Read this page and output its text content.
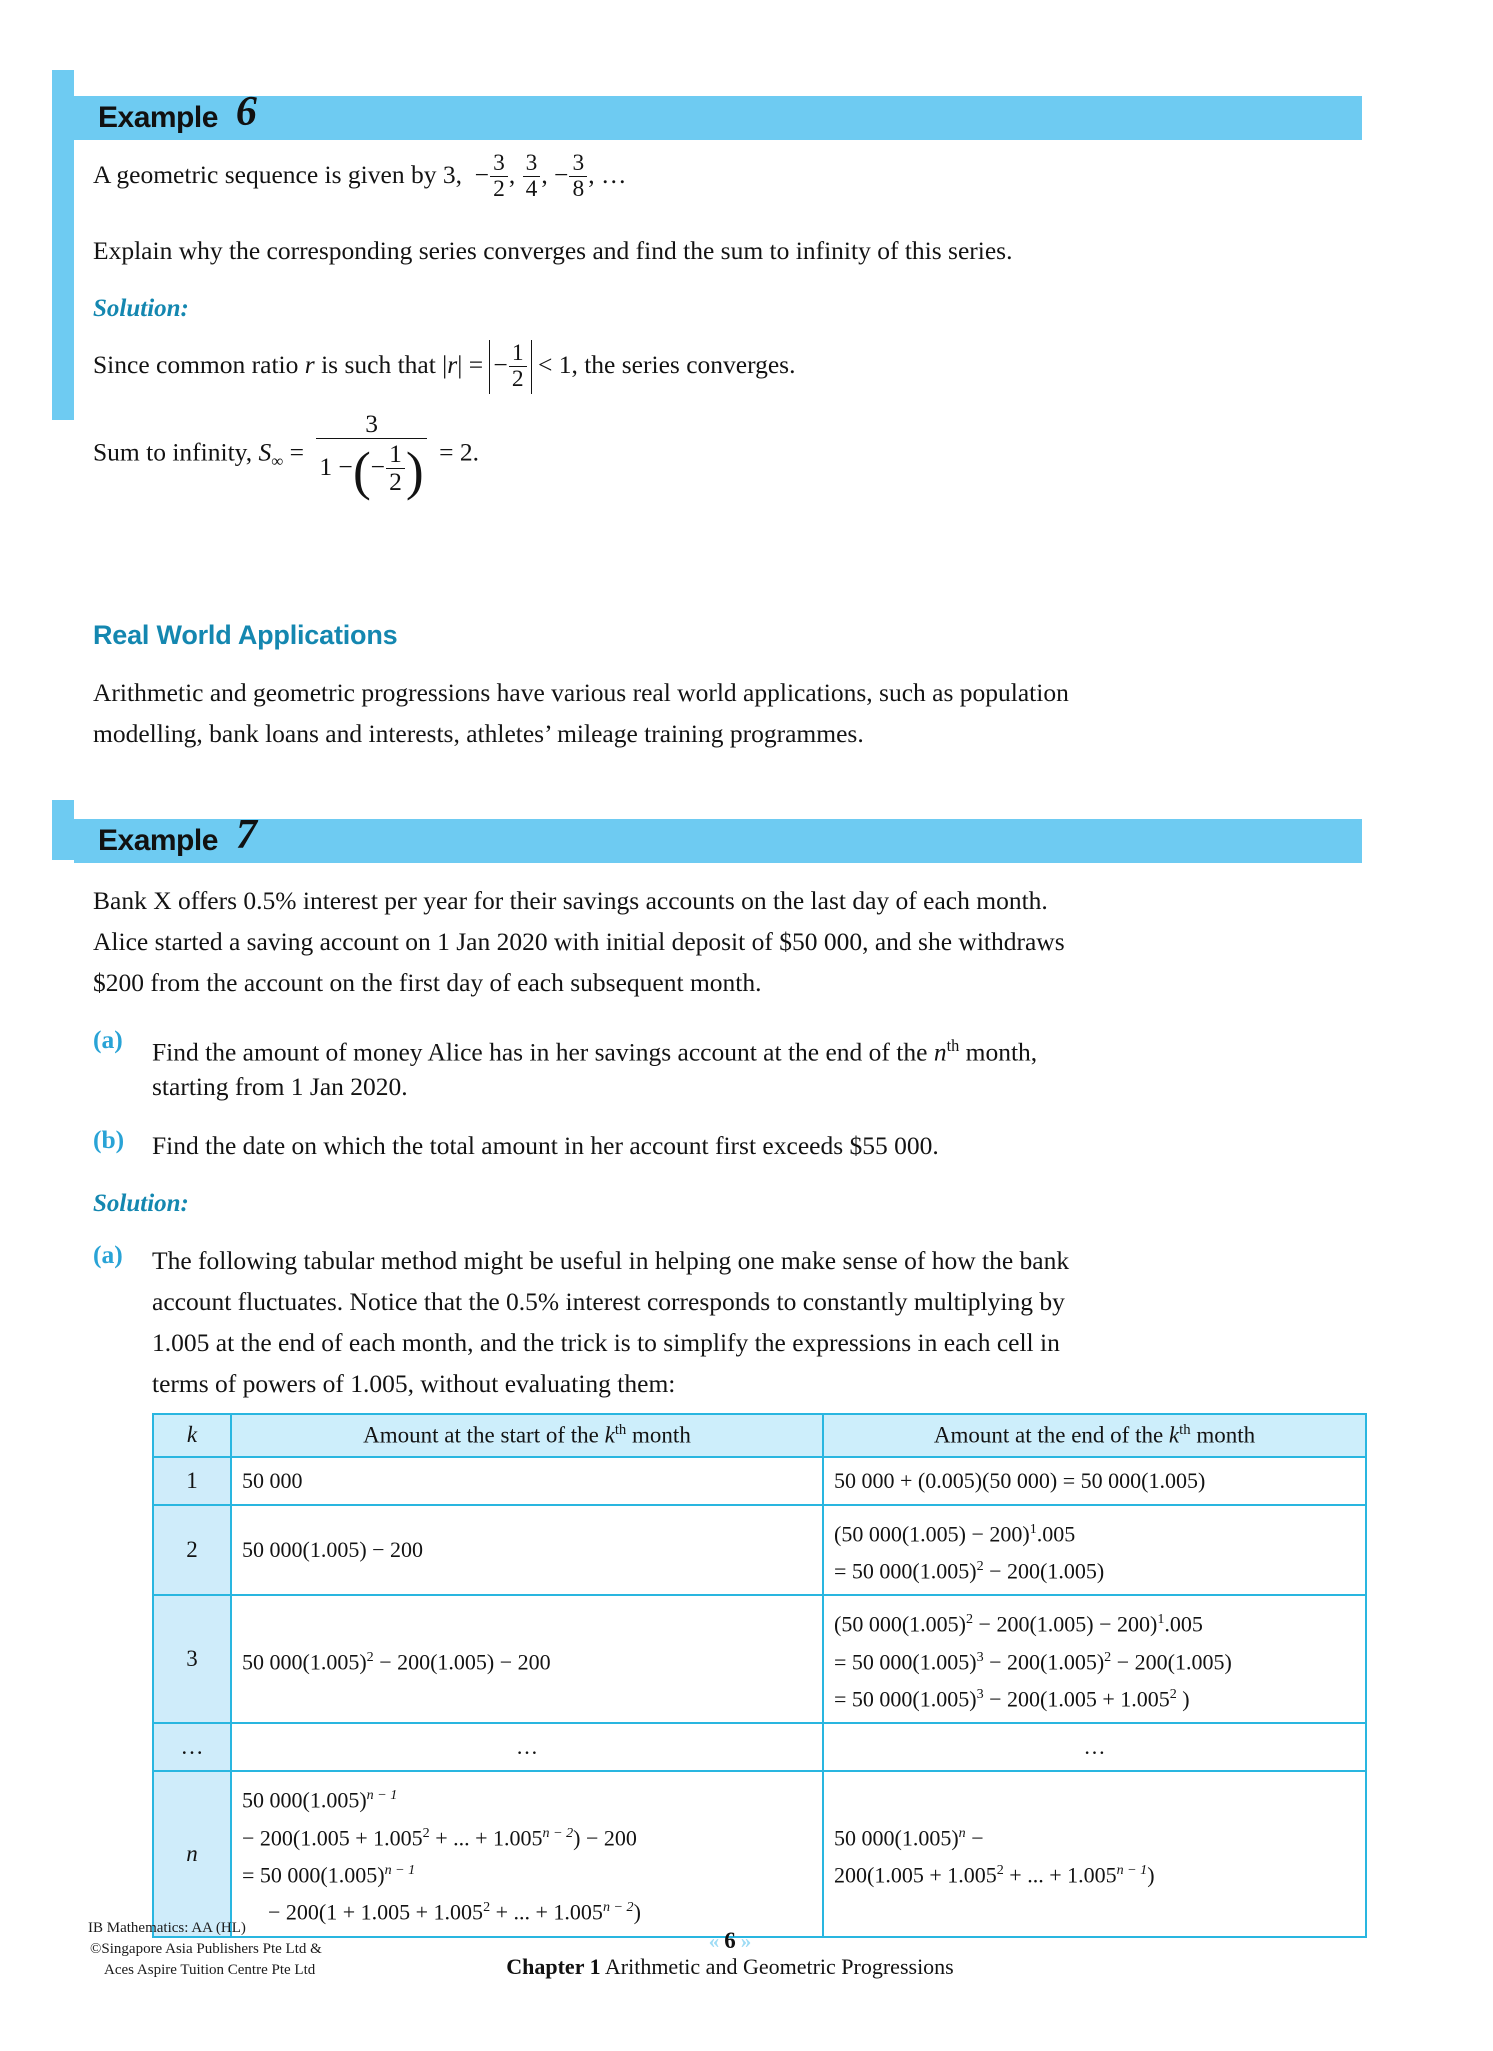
Example 6
A geometric sequence is given by 3,  − $\frac{3}{2}$ , $\frac{3}{4}$ , − $\frac{3}{8}$ , …
Explain why the corresponding series converges and find the sum to infinity of this series.
Solution:
Since common ratio r is such that |r| = − $\frac{1}{2} < 1$, the series converges.
Sum to infinity, $S_\infty = \frac{3}{1 -(- \frac{1}{2} )} = 2$.
Real World Applications
Arithmetic and geometric progressions have various real world applications, such as population
modelling, bank loans and interests, athletes’ mileage training programmes.
Example 7
Bank X offers 0.5% interest per year for their savings accounts on the last day of each month.
Alice started a saving account on 1 Jan 2020 with initial deposit of $50 000, and she withdraws
$200 from the account on the first day of each subsequent month.
(a) Find the amount of money Alice has in her savings account at the end of the $n^{th}$ month,
starting from 1 Jan 2020.
(b) Find the date on which the total amount in her account first exceeds $55 000.
Solution:
(a) The following tabular method might be useful in helping one make sense of how the bank
account fluctuates. Notice that the 0.5% interest corresponds to constantly multiplying by
1.005 at the end of each month, and the trick is to simplify the expressions in each cell in
terms of powers of 1.005, without evaluating them:
k	Amount at the start of the $k^{th}$ month	Amount at the end of the $k^{th}$ month
1	50 000	50 000 + (0.005)(50 000) = 50 000(1.005)

2	50 000(1.005) − 200	(50 000(1.005) − 200)$^1$.005
= 50 $000(1.005)^2 - 200(1.005)$

3	50 $000(1.005)^2 - 200(1.005) - 200$	(50 $000(1.005)^2 - 200(1.005) - 200)^1.005$
= 50 $000(1.005)^3 - 200(1.005)^2 - 200(1.005)$
= 50 $000(1.005)^3 - 200(1.005 + 1.005^2$ )

…	…	…

n	50 $000(1.005)^{n - 1}$
− $200(1.005 + 1.005^2$ + ... + $1.005^{n - 2}) - 200$
= 50 $000(1.005)^{n - 1}$
− $200(1 + 1.005 + 1.005^2$ + ... + $1.005^{n - 2}$)	50 $000(1.005)^n$ −
$200(1.005 + 1.005^2$ + ... + $1.005^{n - 1}$)
IB Mathematics: AA (HL)
©Singapore Asia Publishers Pte Ltd &
Aces Aspire Tuition Centre Pte Ltd
« 6 »
Chapter 1 Arithmetic and Geometric Progressions
